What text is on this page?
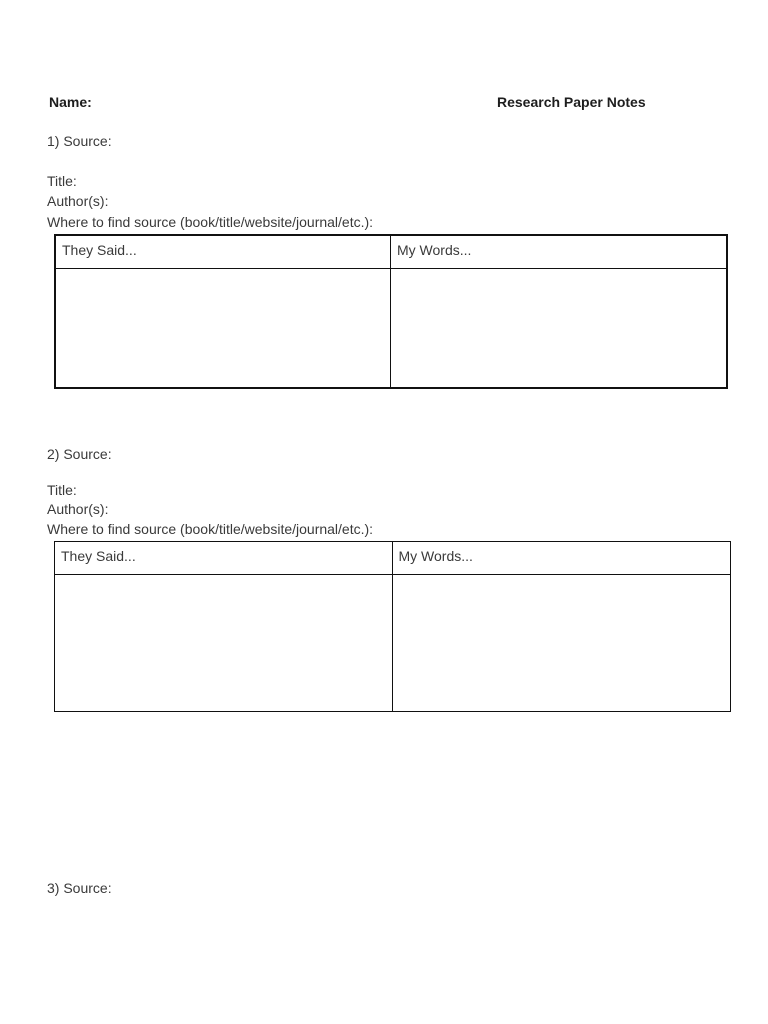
Name:	Research Paper Notes
1) Source:
Title:
Author(s):
Where to find source (book/title/website/journal/etc.):
They Said...	My Words...
2) Source:
Title:
Author(s):
Where to find source (book/title/website/journal/etc.):
They Said...	My Words...
3) Source:
